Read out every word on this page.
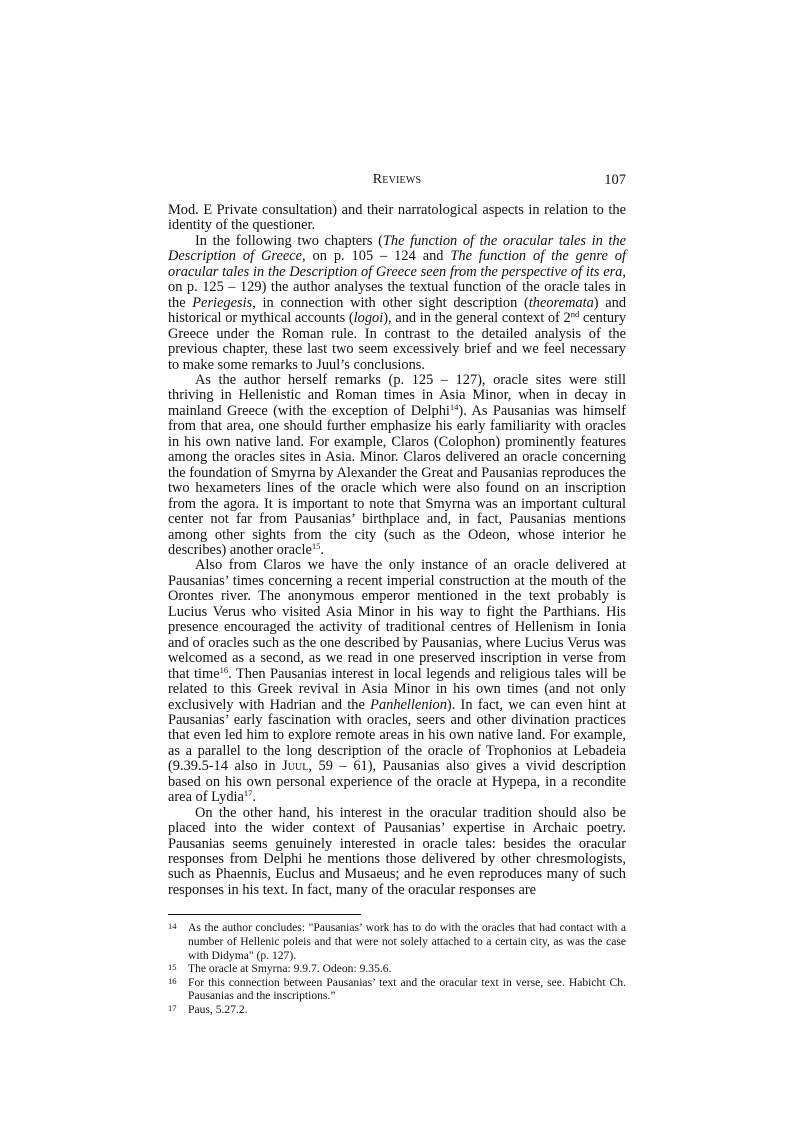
Reviews	107

Mod. E Private consultation) and their narratological aspects in relation to the identity of the questioner.

In the following two chapters (The function of the oracular tales in the Description of Greece, on p. 105 – 124 and The function of the genre of oracular tales in the Description of Greece seen from the perspective of its era, on p. 125 – 129) the author analyses the textual function of the oracle tales in the Periegesis, in connection with other sight description (theoremata) and historical or mythical accounts (logoi), and in the general context of 2nd century Greece under the Roman rule. In contrast to the detailed analysis of the previous chapter, these last two seem excessively brief and we feel necessary to make some remarks to Juul’s conclusions.

As the author herself remarks (p. 125 – 127), oracle sites were still thriving in Hellenistic and Roman times in Asia Minor, when in decay in mainland Greece (with the exception of Delphi$^{14}$). As Pausanias was himself from that area, one should further emphasize his early familiarity with oracles in his own native land. For example, Claros (Colophon) prominently features among the oracles sites in Asia. Minor. Claros delivered an oracle concerning the foundation of Smyrna by Alexander the Great and Pausanias reproduces the two hexameters lines of the oracle which were also found on an inscription from the agora. It is important to note that Smyrna was an important cultural center not far from Pausanias’ birthplace and, in fact, Pausanias mentions among other sights from the city (such as the Odeon, whose interior he describes) another oracle$^{15}$.

Also from Claros we have the only instance of an oracle delivered at Pausanias’ times concerning a recent imperial construction at the mouth of the Orontes river. The anonymous emperor mentioned in the text probably is Lucius Verus who visited Asia Minor in his way to fight the Parthians. His presence encouraged the activity of traditional centres of Hellenism in Ionia and of oracles such as the one described by Pausanias, where Lucius Verus was welcomed as a second, as we read in one preserved inscription in verse from that time$^{16}$. Then Pausanias interest in local legends and religious tales will be related to this Greek revival in Asia Minor in his own times (and not only exclusively with Hadrian and the Panhellenion). In fact, we can even hint at Pausanias’ early fascination with oracles, seers and other divination practices that even led him to explore remote areas in his own native land. For example, as a parallel to the long description of the oracle of Trophonios at Lebadeia (9.39.5-14 also in Juul, 59 – 61), Pausanias also gives a vivid description based on his own personal experience of the oracle at Hypepa, in a recondite area of Lydia$^{17}$.

On the other hand, his interest in the oracular tradition should also be placed into the wider context of Pausanias’ expertise in Archaic poetry. Pausanias seems genuinely interested in oracle tales: besides the oracular responses from Delphi he mentions those delivered by other chresmologists, such as Phaennis, Euclus and Musaeus; and he even reproduces many of such responses in his text. In fact, many of the oracular responses are

14 As the author concludes: "Pausanias’ work has to do with the oracles that had contact with a number of Hellenic poleis and that were not solely attached to a certain city, as was the case with Didyma" (p. 127).
15 The oracle at Smyrna: 9.9.7. Odeon: 9.35.6.
16 For this connection between Pausanias’ text and the oracular text in verse, see. Habicht Ch. Pausanias and the inscriptions.”
17 Paus, 5.27.2.
